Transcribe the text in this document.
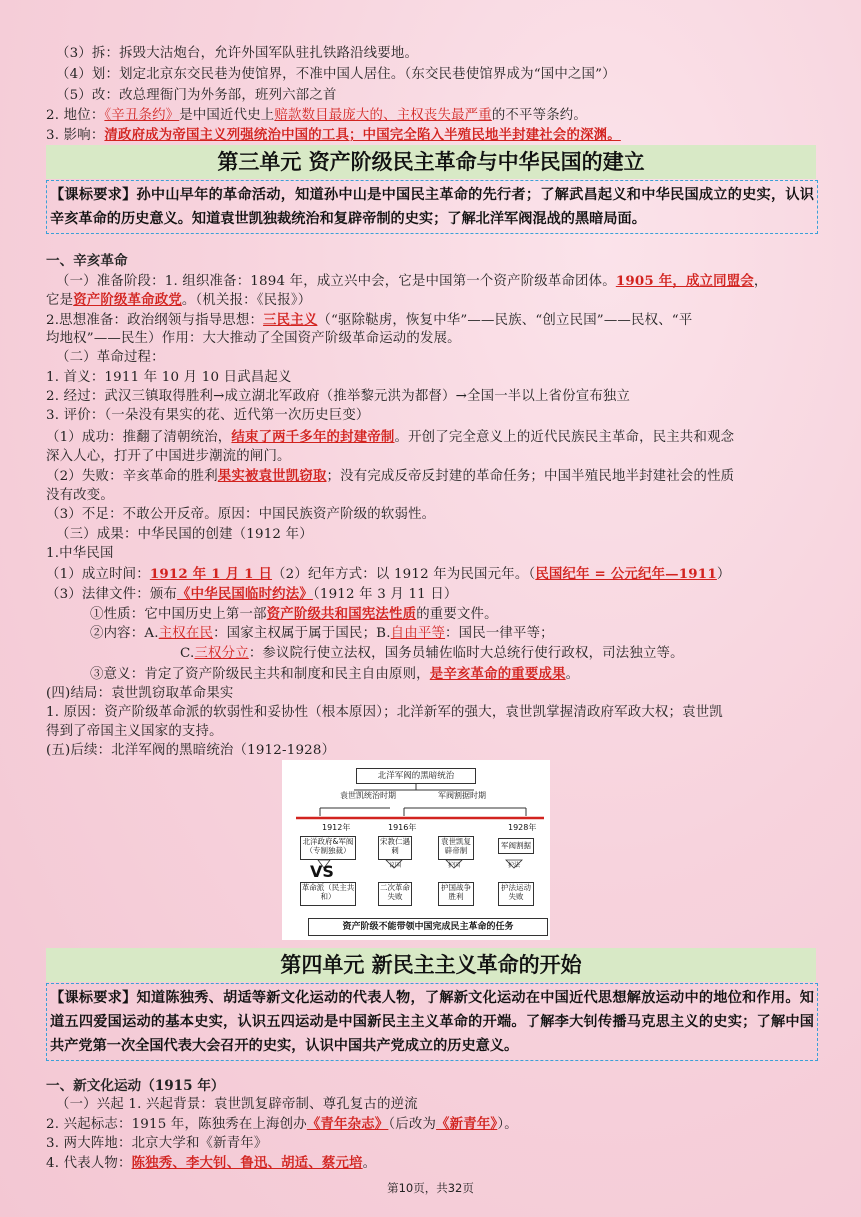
（3）拆：拆毁大沽炮台，允许外国军队驻扎铁路沿线要地。
（4）划：划定北京东交民巷为使馆界，不准中国人居住。（东交民巷使馆界成为“国中之国”）
（5）改：改总理衙门为外务部，班列六部之首
2. 地位：《辛丑条约》是中国近代史上赔款数目最庞大的、主权丧失最严重的不平等条约。
3. 影响：清政府成为帝国主义列强统治中国的工具；中国完全陷入半殖民地半封建社会的深渊。
第三单元 资产阶级民主革命与中华民国的建立
【课标要求】孙中山早年的革命活动，知道孙中山是中国民主革命的先行者；了解武昌起义和中华民国成立的史实，认识辛亥革命的历史意义。知道袁世凯独裁统治和复辟帝制的史实；了解北洋军阀混战的黑暗局面。
一、辛亥革命
（一）准备阶段：1. 组织准备：1894 年，成立兴中会，它是中国第一个资产阶级革命团体。1905 年，成立同盟会，
它是资产阶级革命政党。（机关报：《民报》）
2.思想准备：政治纲领与指导思想：三民主义（“驱除鞑虏，恢复中华”——民族、“创立民国”——民权、“平
均地权”——民生）作用：大大推动了全国资产阶级革命运动的发展。
（二）革命过程：
1. 首义：1911 年 10 月 10 日武昌起义
2. 经过：武汉三镇取得胜利→成立湖北军政府（推举黎元洪为都督）→全国一半以上省份宣布独立
3. 评价：（一朵没有果实的花、近代第一次历史巨变）
（1）成功：推翻了清朝统治，结束了两千多年的封建帝制。开创了完全意义上的近代民族民主革命，民主共和观念
深入人心，打开了中国进步潮流的闸门。
（2）失败：辛亥革命的胜利果实被袁世凯窃取；没有完成反帝反封建的革命任务；中国半殖民地半封建社会的性质
没有改变。
（3）不足：不敢公开反帝。原因：中国民族资产阶级的软弱性。
（三）成果：中华民国的创建（1912 年）
1.中华民国
（1）成立时间：1912 年 1 月 1 日（2）纪年方式：以 1912 年为民国元年。（民国纪年 = 公元纪年—1911）
（3）法律文件：颁布《中华民国临时约法》（1912 年 3 月 11 日）
①性质：它中国历史上第一部资产阶级共和国宪法性质的重要文件。
②内容：A.主权在民：国家主权属于属于国民；B.自由平等：国民一律平等；
C.三权分立：参议院行使立法权，国务员辅佐临时大总统行使行政权，司法独立等。
③意义：肯定了资产阶级民主共和制度和民主自由原则，是辛亥革命的重要成果。
(四)结局：袁世凯窃取革命果实
1. 原因：资产阶级革命派的软弱性和妥协性（根本原因）；北洋新军的强大，袁世凯掌握清政府军政大权；袁世凯
得到了帝国主义国家的支持。
(五)后续：北洋军阀的黑暗统治（1912-1928）
北洋军阀的黑暗统治
袁世凯统治时期	军阀割据时期
1912年	1916年	1928年
北洋政府&军阀（专制独裁）
宋教仁遇刺
袁世凯复辟帝制
军阀割据
议国	护国	护法
VS
革命派（民主共和）
二次革命失败
护国战争胜利
护法运动失败
资产阶级不能带领中国完成民主革命的任务
第四单元 新民主主义革命的开始
【课标要求】知道陈独秀、胡适等新文化运动的代表人物，了解新文化运动在中国近代思想解放运动中的地位和作用。知道五四爱国运动的基本史实，认识五四运动是中国新民主主义革命的开端。了解李大钊传播马克思主义的史实；了解中国共产党第一次全国代表大会召开的史实，认识中国共产党成立的历史意义。
一、新文化运动（1915 年）
（一）兴起 1. 兴起背景：袁世凯复辟帝制、尊孔复古的逆流
2. 兴起标志：1915 年，陈独秀在上海创办《青年杂志》（后改为《新青年》）。
3. 两大阵地：北京大学和《新青年》
4. 代表人物：陈独秀、李大钊、鲁迅、胡适、蔡元培。
第10页，共32页
